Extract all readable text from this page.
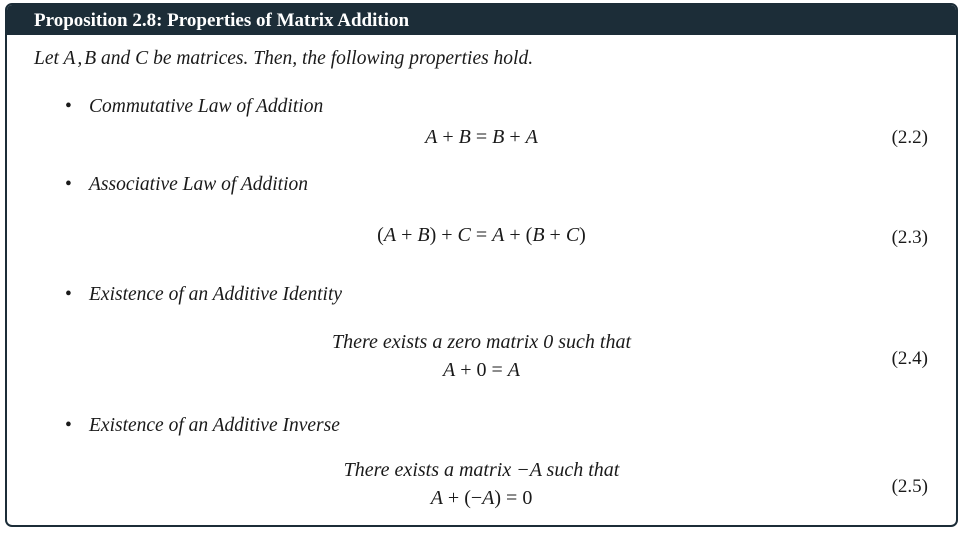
Proposition 2.8: Properties of Matrix Addition
Let A , B and C be matrices. Then, the following properties hold.
• Commutative Law of Addition
A + B = B + A	(2.2)
• Associative Law of Addition
(A + B) + C = A + (B + C)	(2.3)
• Existence of an Additive Identity
There exists a zero matrix 0 such that
A + 0 = A
(2.4)
• Existence of an Additive Inverse
There exists a matrix −A such that
A + (−A) = 0
(2.5)
